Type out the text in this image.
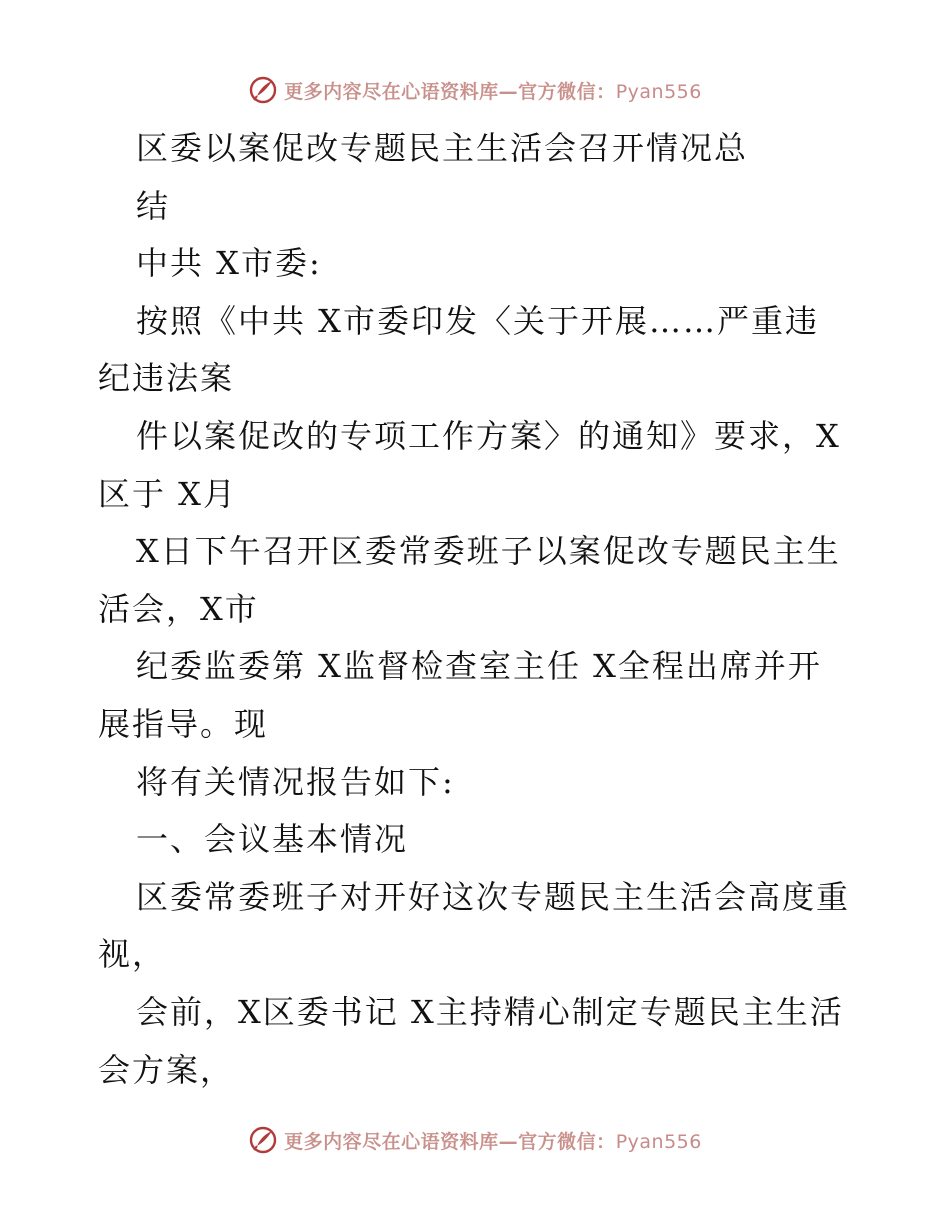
更多内容尽在心语资料库—官方微信：Pyan556
区委以案促改专题民主生活会召开情况总
结
中共 X市委:
按照《中共 X市委印发〈关于开展……严重违
纪违法案
件以案促改的专项工作方案〉的通知》要求，X
区于 X月
X日下午召开区委常委班子以案促改专题民主生
活会，X市
纪委监委第 X监督检查室主任 X全程出席并开
展指导。现
将有关情况报告如下:
一、会议基本情况
区委常委班子对开好这次专题民主生活会高度重
视，
会前，X区委书记 X主持精心制定专题民主生活
会方案，
更多内容尽在心语资料库—官方微信：Pyan556
